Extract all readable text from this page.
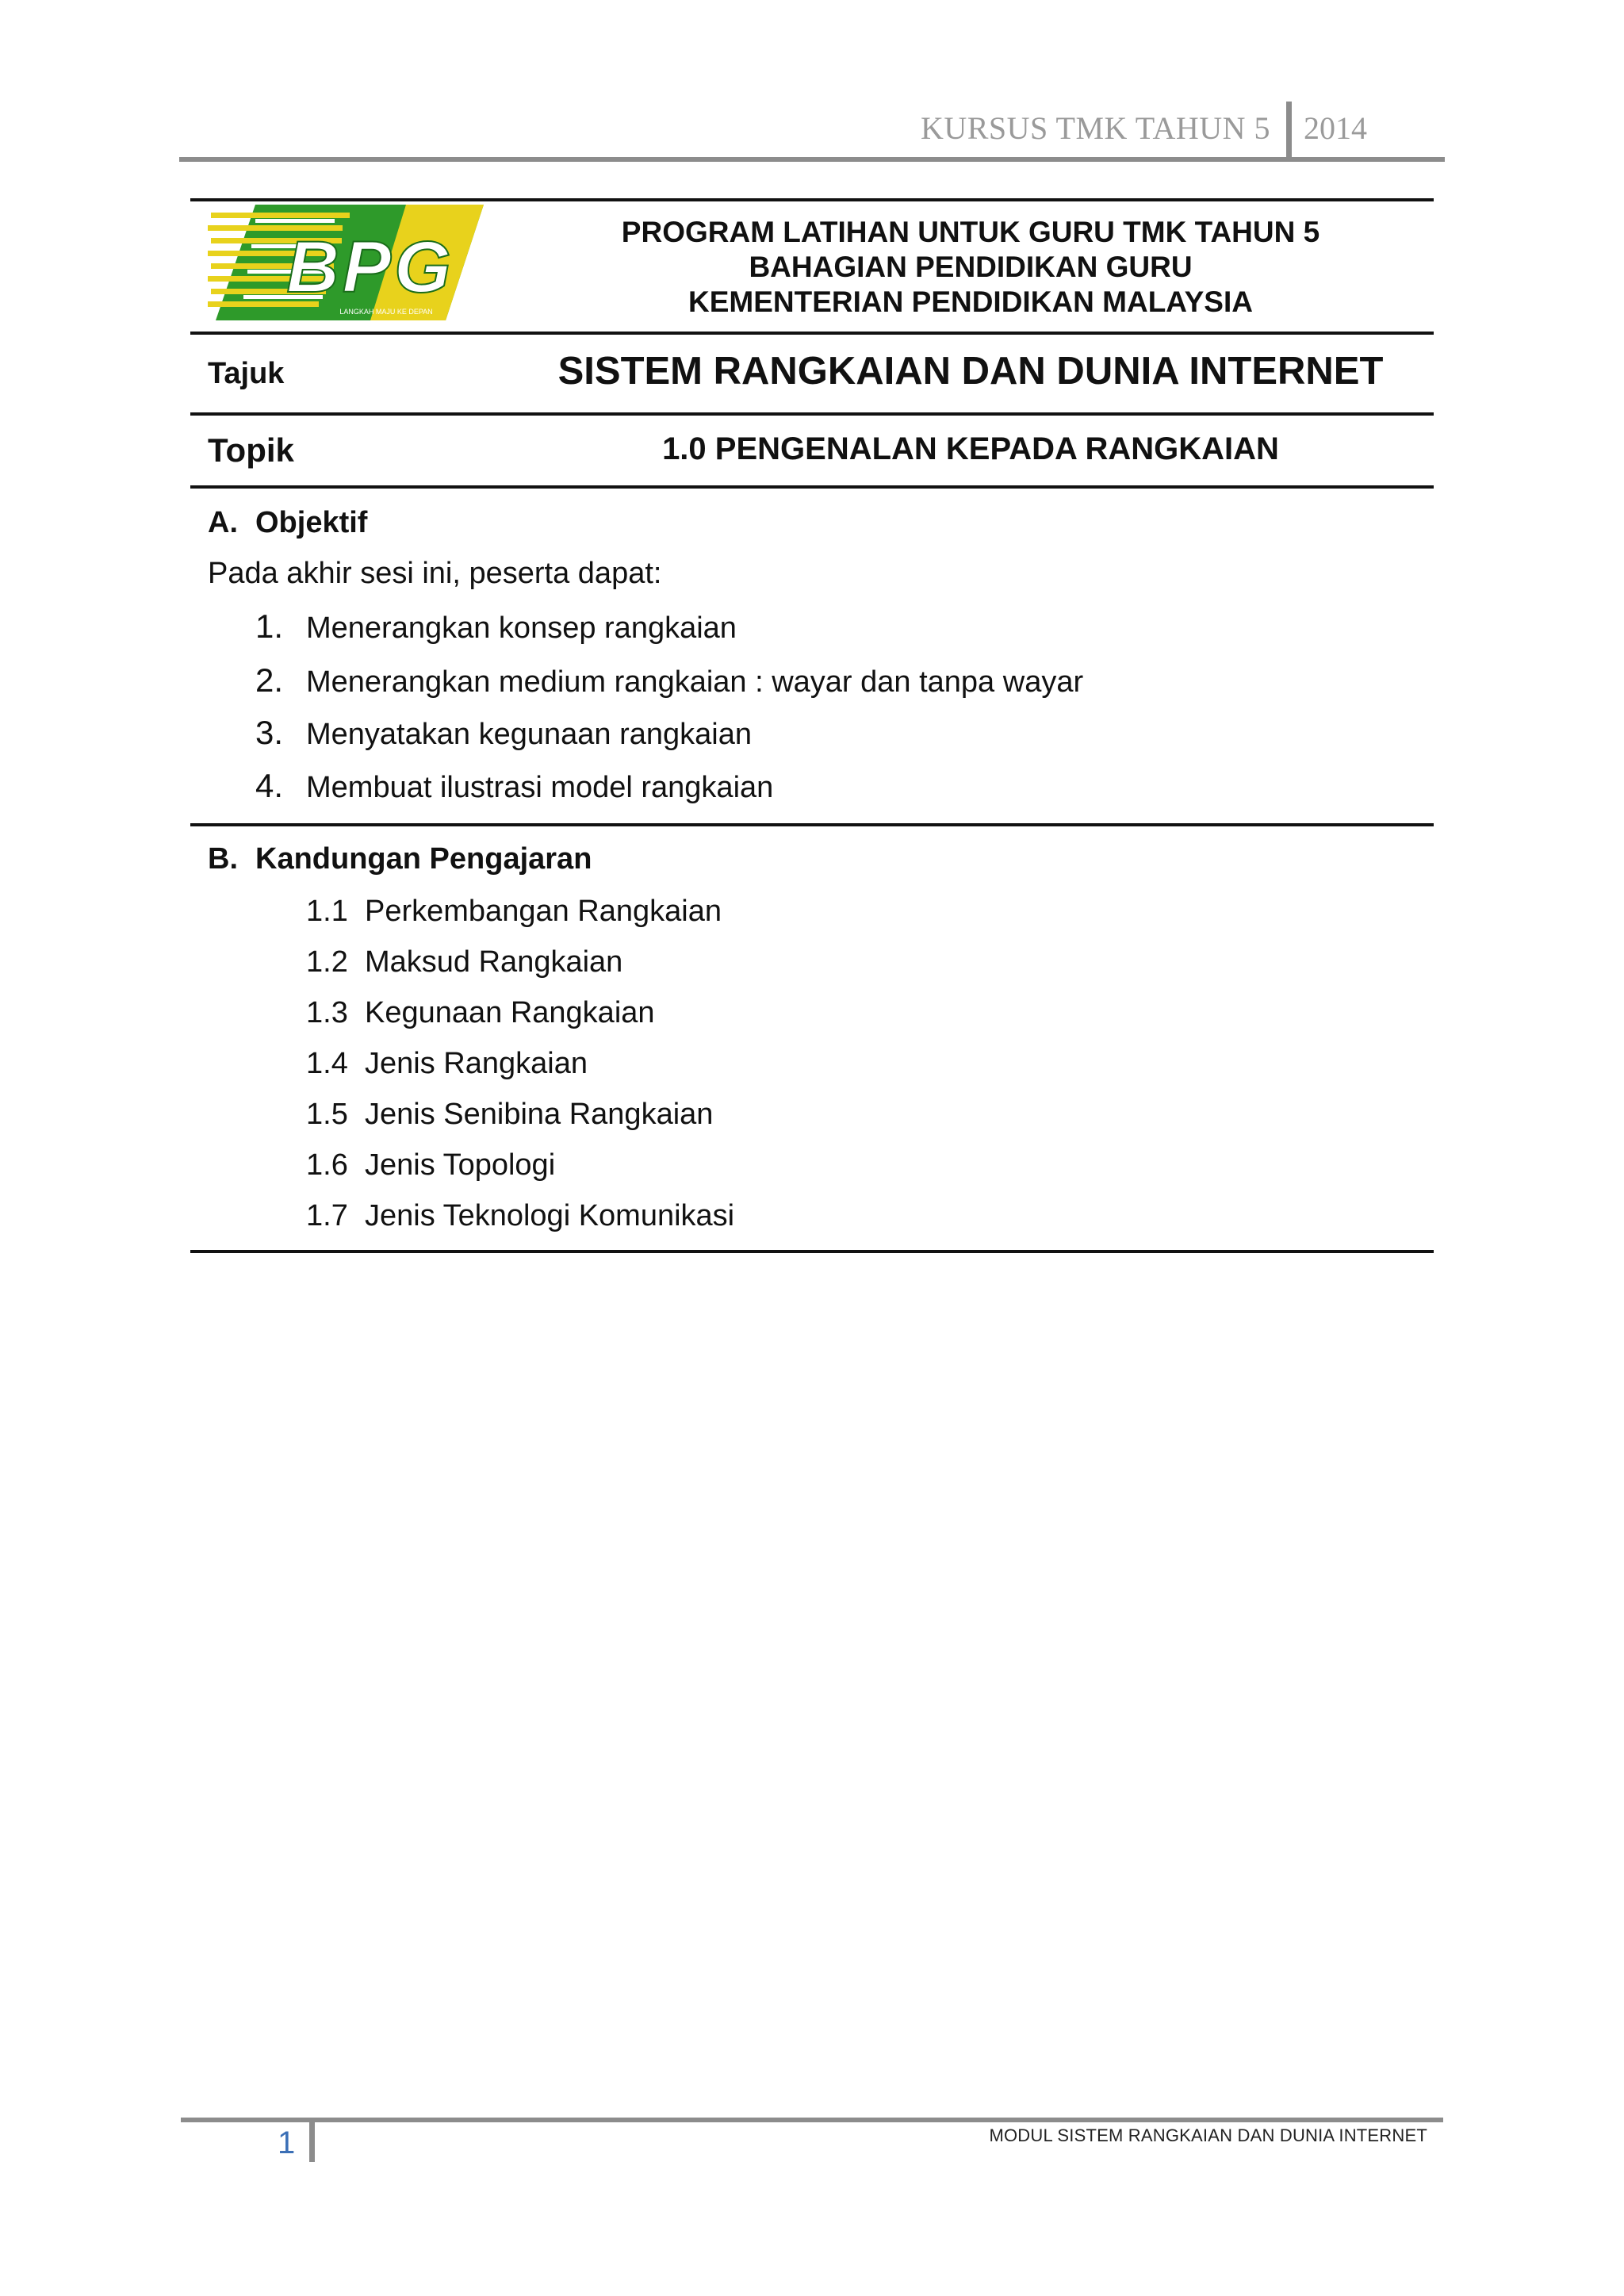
KURSUS TMK TAHUN 5 2014
BPG
LANGKAH MAJU KE DEPAN
PROGRAM LATIHAN UNTUK GURU TMK TAHUN 5
BAHAGIAN PENDIDIKAN GURU
KEMENTERIAN PENDIDIKAN MALAYSIA
Tajuk	SISTEM RANGKAIAN DAN DUNIA INTERNET
Topik	1.0 PENGENALAN KEPADA RANGKAIAN
A. Objektif
Pada akhir sesi ini, peserta dapat:
1. Menerangkan konsep rangkaian
2. Menerangkan medium rangkaian : wayar dan tanpa wayar
3. Menyatakan kegunaan rangkaian
4. Membuat ilustrasi model rangkaian
B. Kandungan Pengajaran
1.1 Perkembangan Rangkaian
1.2 Maksud Rangkaian
1.3 Kegunaan Rangkaian
1.4 Jenis Rangkaian
1.5 Jenis Senibina Rangkaian
1.6 Jenis Topologi
1.7 Jenis Teknologi Komunikasi
1	MODUL SISTEM RANGKAIAN DAN DUNIA INTERNET
